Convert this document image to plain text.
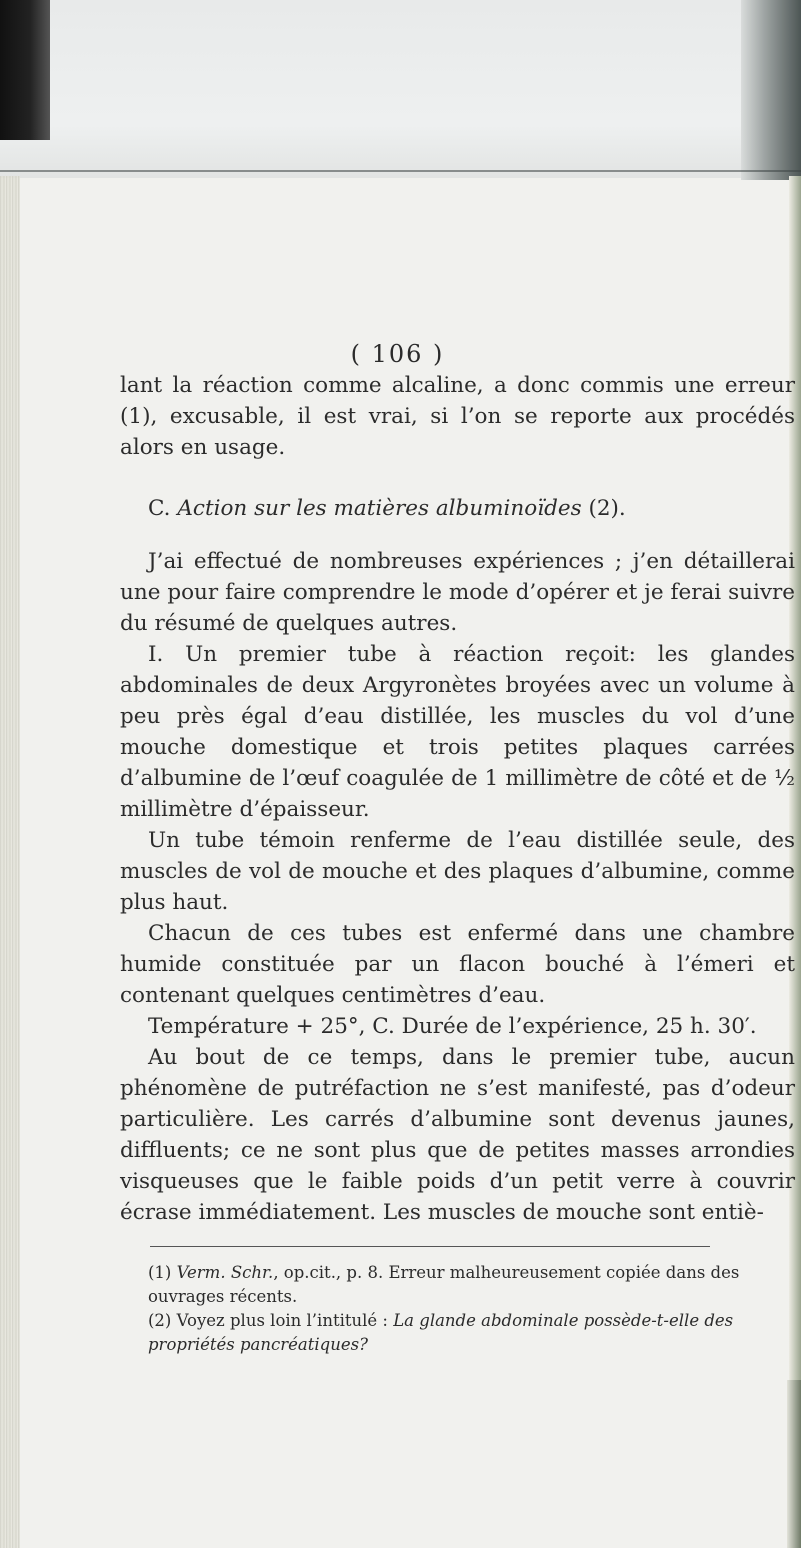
( 106 )

lant la réaction comme alcaline, a donc commis une erreur (1), excusable, il est vrai, si l’on se reporte aux procédés alors en usage.

C. Action sur les matières albuminoïdes (2).

J’ai effectué de nombreuses expériences ; j’en détaillerai une pour faire comprendre le mode d’opérer et je ferai suivre du résumé de quelques autres.

I. Un premier tube à réaction reçoit: les glandes abdominales de deux Argyronètes broyées avec un volume à peu près égal d’eau distillée, les muscles du vol d’une mouche domestique et trois petites plaques carrées d’albumine de l’œuf coagulée de 1 millimètre de côté et de ½ millimètre d’épaisseur.

Un tube témoin renferme de l’eau distillée seule, des muscles de vol de mouche et des plaques d’albumine, comme plus haut.

Chacun de ces tubes est enfermé dans une chambre humide constituée par un flacon bouché à l’émeri et contenant quelques centimètres d’eau.

Température + 25°, C. Durée de l’expérience, 25 h. 30′.

Au bout de ce temps, dans le premier tube, aucun phénomène de putréfaction ne s’est manifesté, pas d’odeur particulière. Les carrés d’albumine sont devenus jaunes, diffluents; ce ne sont plus que de petites masses arrondies visqueuses que le faible poids d’un petit verre à couvrir écrase immédiatement. Les muscles de mouche sont entiè-

(1) Verm. Schr., op.cit., p. 8. Erreur malheureusement copiée dans des ouvrages récents.

(2) Voyez plus loin l’intitulé : La glande abdominale possède-t-elle des propriétés pancréatiques?
